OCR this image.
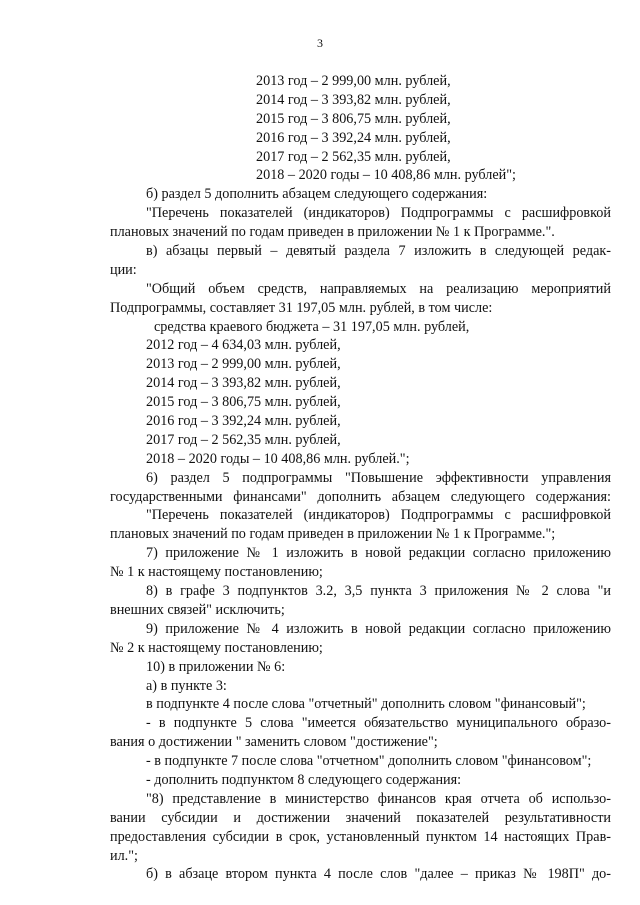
3
2013 год – 2 999,00 млн. рублей,
2014 год – 3 393,82 млн. рублей,
2015 год – 3 806,75 млн. рублей,
2016 год – 3 392,24 млн. рублей,
2017 год – 2 562,35 млн. рублей,
2018 – 2020 годы – 10 408,86 млн. рублей";
б) раздел 5 дополнить абзацем следующего содержания:
"Перечень показателей (индикаторов) Подпрограммы с расшифровкой
плановых значений по годам приведен в приложении № 1 к Программе.".
в) абзацы первый – девятый раздела 7 изложить в следующей редак-
ции:
"Общий объем средств, направляемых на реализацию мероприятий
Подпрограммы, составляет 31 197,05 млн. рублей, в том числе:
средства краевого бюджета – 31 197,05 млн. рублей,
2012 год – 4 634,03 млн. рублей,
2013 год – 2 999,00 млн. рублей,
2014 год – 3 393,82 млн. рублей,
2015 год – 3 806,75 млн. рублей,
2016 год – 3 392,24 млн. рублей,
2017 год – 2 562,35 млн. рублей,
2018 – 2020 годы – 10 408,86 млн. рублей.";
6) раздел 5 подпрограммы "Повышение эффективности управления
государственными финансами" дополнить абзацем следующего содержания:
"Перечень показателей (индикаторов) Подпрограммы с расшифровкой
плановых значений по годам приведен в приложении № 1 к Программе.";
7) приложение № 1 изложить в новой редакции согласно приложению
№ 1 к настоящему постановлению;
8) в графе 3 подпунктов 3.2, 3,5 пункта 3 приложения № 2 слова "и
внешних связей" исключить;
9) приложение № 4 изложить в новой редакции согласно приложению
№ 2 к настоящему постановлению;
10) в приложении № 6:
а) в пункте 3:
в подпункте 4 после слова "отчетный" дополнить словом "финансовый";
- в подпункте 5 слова "имеется обязательство муниципального образо-
вания о достижении " заменить словом "достижение";
- в подпункте 7 после слова "отчетном" дополнить словом "финансовом";
- дополнить подпунктом 8 следующего содержания:
"8) представление в министерство финансов края отчета об использо-
вании субсидии и достижении значений показателей результативности
предоставления субсидии в срок, установленный пунктом 14 настоящих Прав-
ил.";
б) в абзаце втором пункта 4 после слов "далее – приказ № 198П" до-
